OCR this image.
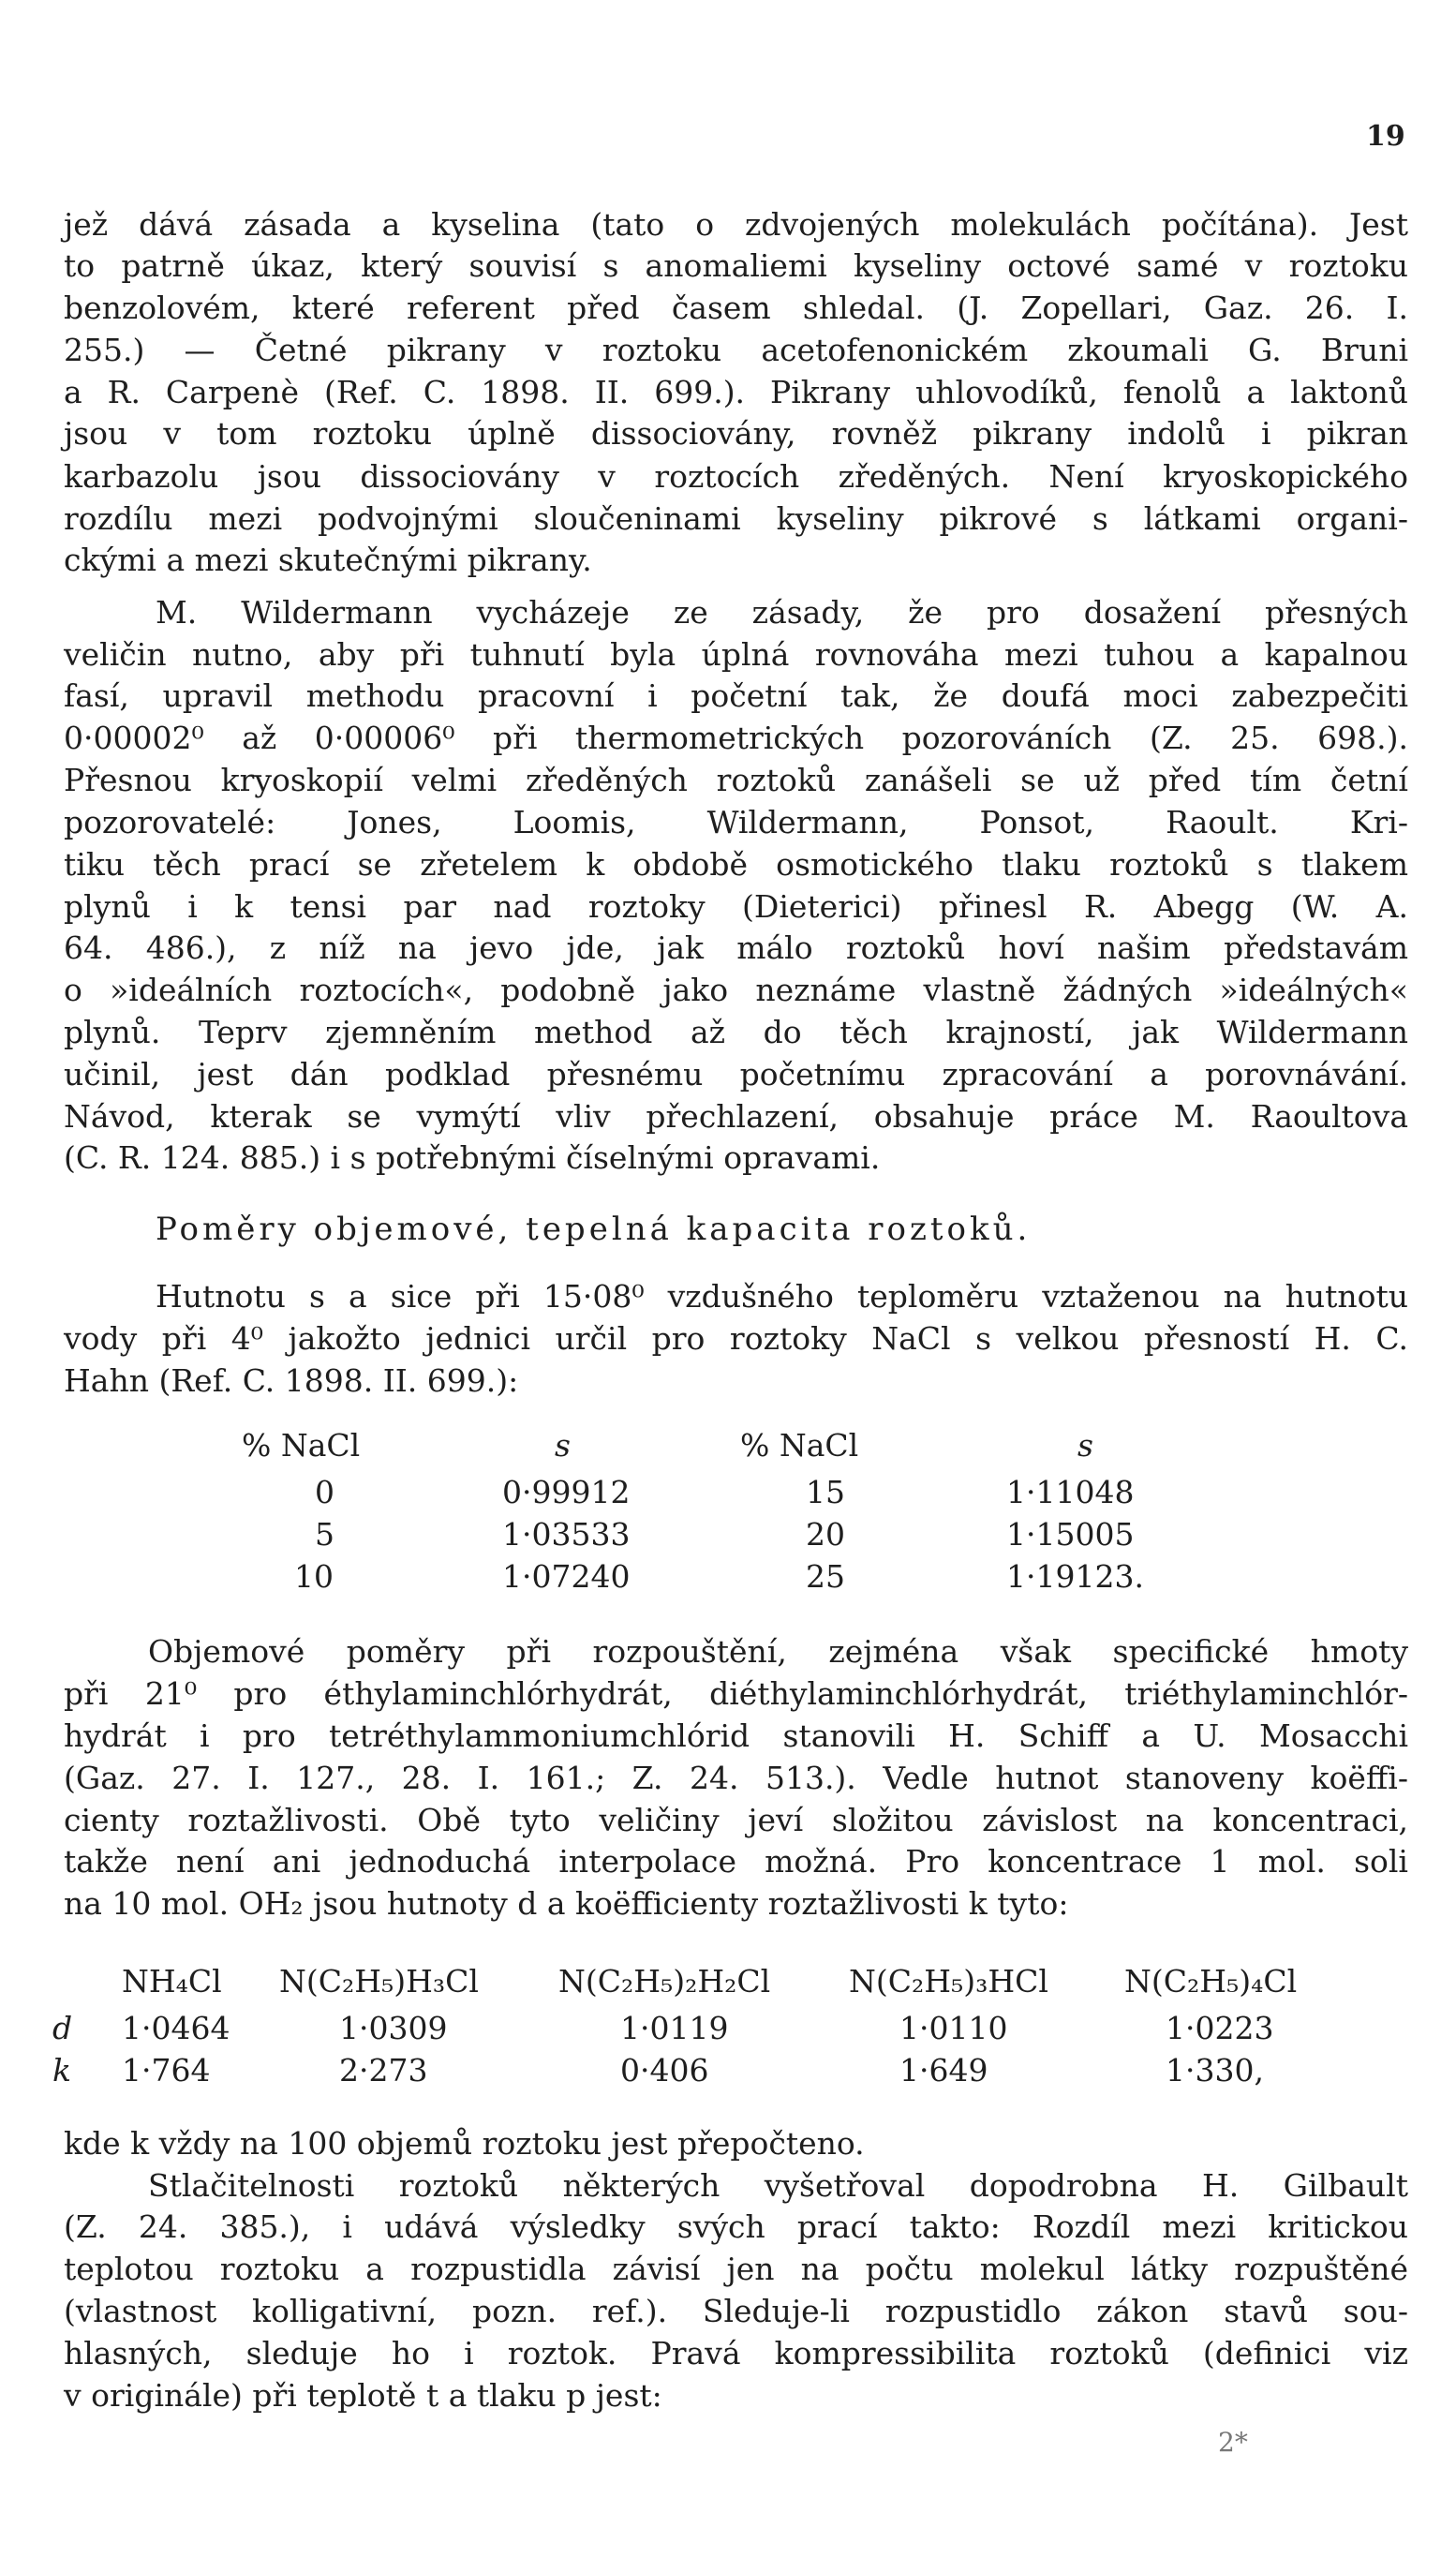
19
jež dává zásada a kyselina (tato o zdvojených molekulách počítána). Jest
to patrně úkaz, který souvisí s anomaliemi kyseliny octové samé v roztoku
benzolovém, které referent před časem shledal. (J. Zopellari, Gaz. 26. I.
255.) — Četné pikrany v roztoku acetofenonickém zkoumali G. Bruni
a R. Carpenè (Ref. C. 1898. II. 699.). Pikrany uhlovodíků, fenolů a laktonů
jsou v tom roztoku úplně dissociovány, rovněž pikrany indolů i pikran
karbazolu jsou dissociovány v roztocích zředěných. Není kryoskopického
rozdílu mezi podvojnými sloučeninami kyseliny pikrové s látkami organi-
ckými a mezi skutečnými pikrany.
M. Wildermann vycházeje ze zásady, že pro dosažení přesných
veličin nutno, aby při tuhnutí byla úplná rovnováha mezi tuhou a kapalnou
fasí, upravil methodu pracovní i početní tak, že doufá moci zabezpečiti
0·00002⁰ až 0·00006⁰ při thermometrických pozorováních (Z. 25. 698.).
Přesnou kryoskopií velmi zředěných roztoků zanášeli se už před tím četní
pozorovatelé: Jones, Loomis, Wildermann, Ponsot, Raoult. Kri-
tiku těch prací se zřetelem k obdobě osmotického tlaku roztoků s tlakem
plynů i k tensi par nad roztoky (Dieterici) přinesl R. Abegg (W. A.
64. 486.), z níž na jevo jde, jak málo roztoků hoví našim představám
o »ideálních roztocích«, podobně jako neznáme vlastně žádných »ideálných«
plynů. Teprv zjemněním method až do těch krajností, jak Wildermann
učinil, jest dán podklad přesnému početnímu zpracování a porovnávání.
Návod, kterak se vymýtí vliv přechlazení, obsahuje práce M. Raoultova
(C. R. 124. 885.) i s potřebnými číselnými opravami.
Poměry objemové, tepelná kapacita roztoků.
Hutnotu s a sice při 15·08⁰ vzdušného teploměru vztaženou na hutnotu
vody při 4⁰ jakožto jednici určil pro roztoky NaCl s velkou přesností H. C.
Hahn (Ref. C. 1898. II. 699.):
% NaCl	s	% NaCl	s
0	0·99912	15	1·11048
5	1·03533	20	1·15005
10	1·07240	25	1·19123.
Objemové poměry při rozpouštění, zejména však specifické hmoty
při 21⁰ pro éthylaminchlórhydrát, diéthylaminchlórhydrát, triéthylaminchlór-
hydrát i pro tetréthylammoniumchlórid stanovili H. Schiff a U. Mosacchi
(Gaz. 27. I. 127., 28. I. 161.; Z. 24. 513.). Vedle hutnot stanoveny koëffi-
cienty roztažlivosti. Obě tyto veličiny jeví složitou závislost na koncentraci,
takže není ani jednoduchá interpolace možná. Pro koncentrace 1 mol. soli
na 10 mol. OH₂ jsou hutnoty d a koëfficienty roztažlivosti k tyto:
NH₄Cl N(C₂H₅)H₃Cl	N(C₂H₅)₂H₂Cl	N(C₂H₅)₃HCl N(C₂H₅)₄Cl
d 1·0464	1·0309	1·0119	1·0110	1·0223
k 1·764	2·273	0·406	1·649	1·330,
kde k vždy na 100 objemů roztoku jest přepočteno.
Stlačitelnosti roztoků některých vyšetřoval dopodrobna H. Gilbault
(Z. 24. 385.), i udává výsledky svých prací takto: Rozdíl mezi kritickou
teplotou roztoku a rozpustidla závisí jen na počtu molekul látky rozpuštěné
(vlastnost kolligativní, pozn. ref.). Sleduje-li rozpustidlo zákon stavů sou-
hlasných, sleduje ho i roztok. Pravá kompressibilita roztoků (definici viz
v originále) při teplotě t a tlaku p jest:
2*
